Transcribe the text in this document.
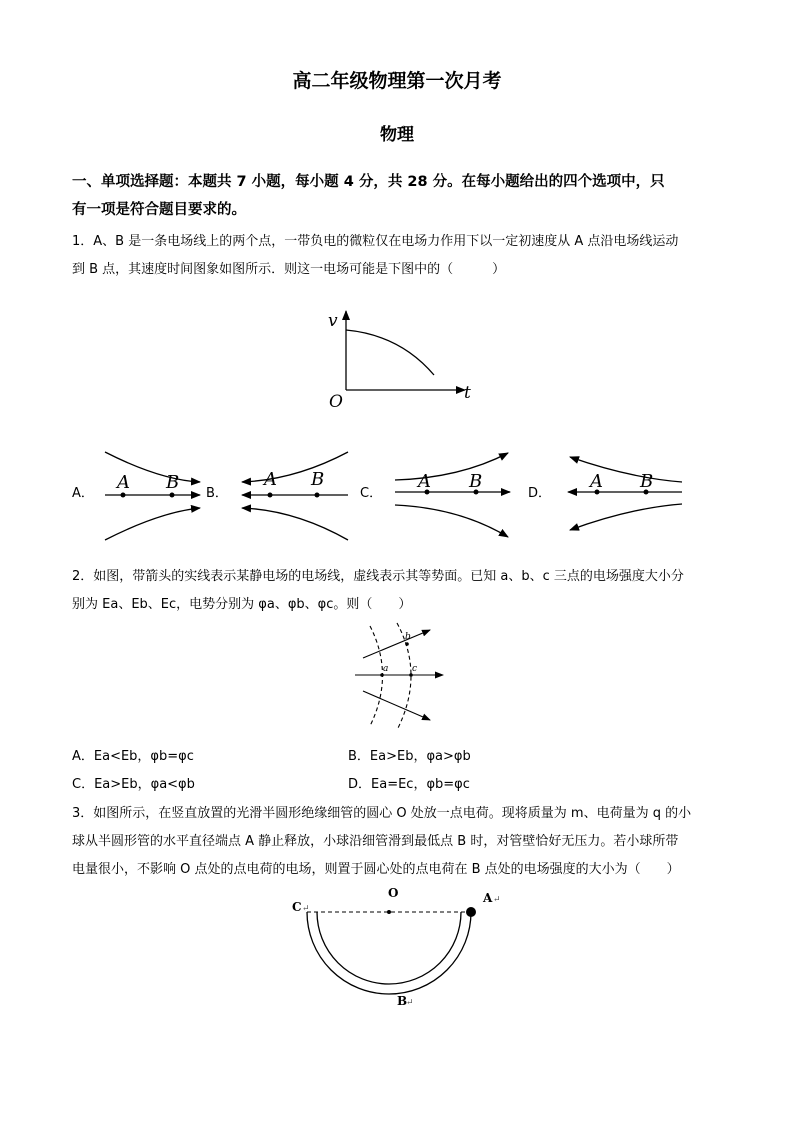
高二年级物理第一次月考
物理
一、单项选择题：本题共 7 小题，每小题 4 分，共 28 分。在每小题给出的四个选项中，只
有一项是符合题目要求的。
1．A、B 是一条电场线上的两个点，一带负电的微粒仅在电场力作用下以一定初速度从 A 点沿电场线运动
到 B 点，其速度时间图象如图所示．则这一电场可能是下图中的（　　　）
v
t
O
A．
A B
B．
A B
C．
A B
D．
A B
2．如图，带箭头的实线表示某静电场的电场线，虚线表示其等势面。已知 a、b、c 三点的电场强度大小分
别为 Ea、Eb、Ec，电势分别为 φa、φb、φc。则（　　）
a
b
c
A．Ea<Eb，φb=φc	B．Ea>Eb，φa>φb
C．Ea>Eb，φa<φb	D．Ea=Ec，φb=φc
3．如图所示，在竖直放置的光滑半圆形绝缘细管的圆心 O 处放一点电荷。现将质量为 m、电荷量为 q 的小
球从半圆形管的水平直径端点 A 静止释放，小球沿细管滑到最低点 B 时，对管壁恰好无压力。若小球所带
电量很小，不影响 O 点处的点电荷的电场，则置于圆心处的点电荷在 B 点处的电场强度的大小为（　　）
C ↵
O	A ↵
B
↵
